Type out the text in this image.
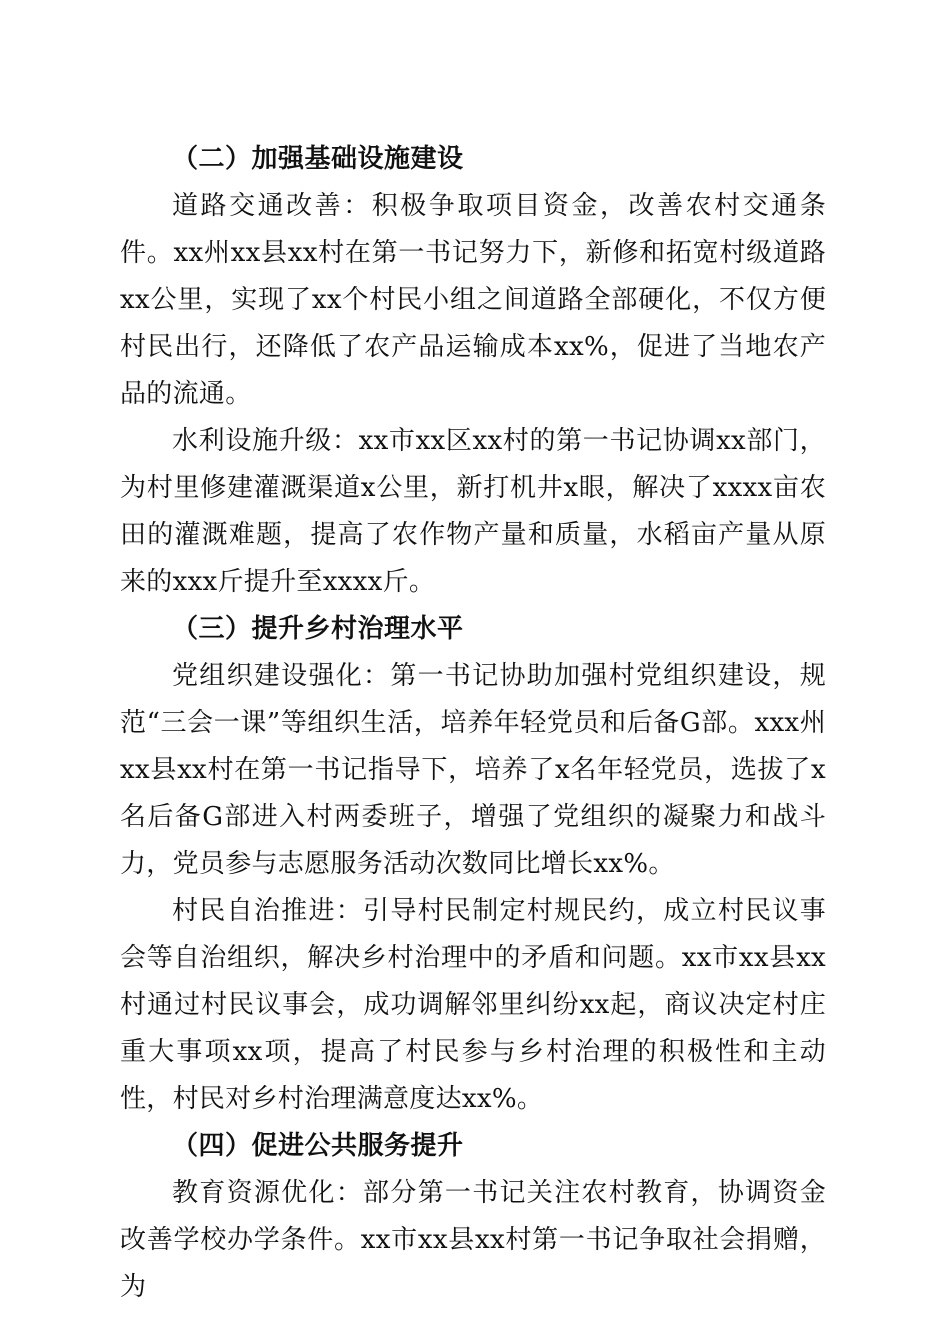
（二）加强基础设施建设

道路交通改善：积极争取项目资金，改善农村交通条件。xx州xx县xx村在第一书记努力下，新修和拓宽村级道路xx公里，实现了xx个村民小组之间道路全部硬化，不仅方便村民出行，还降低了农产品运输成本xx%，促进了当地农产品的流通。

水利设施升级：xx市xx区xx村的第一书记协调xx部门，为村里修建灌溉渠道x公里，新打机井x眼，解决了xxxx亩农田的灌溉难题，提高了农作物产量和质量，水稻亩产量从原来的xxx斤提升至xxxx斤。

（三）提升乡村治理水平

党组织建设强化：第一书记协助加强村党组织建设，规范“三会一课”等组织生活，培养年轻党员和后备G部。xxx州xx县xx村在第一书记指导下，培养了x名年轻党员，选拔了x名后备G部进入村两委班子，增强了党组织的凝聚力和战斗力，党员参与志愿服务活动次数同比增长xx%。

村民自治推进：引导村民制定村规民约，成立村民议事会等自治组织，解决乡村治理中的矛盾和问题。xx市xx县xx村通过村民议事会，成功调解邻里纠纷xx起，商议决定村庄重大事项xx项，提高了村民参与乡村治理的积极性和主动性，村民对乡村治理满意度达xx%。

（四）促进公共服务提升

教育资源优化：部分第一书记关注农村教育，协调资金改善学校办学条件。xx市xx县xx村第一书记争取社会捐赠，为
